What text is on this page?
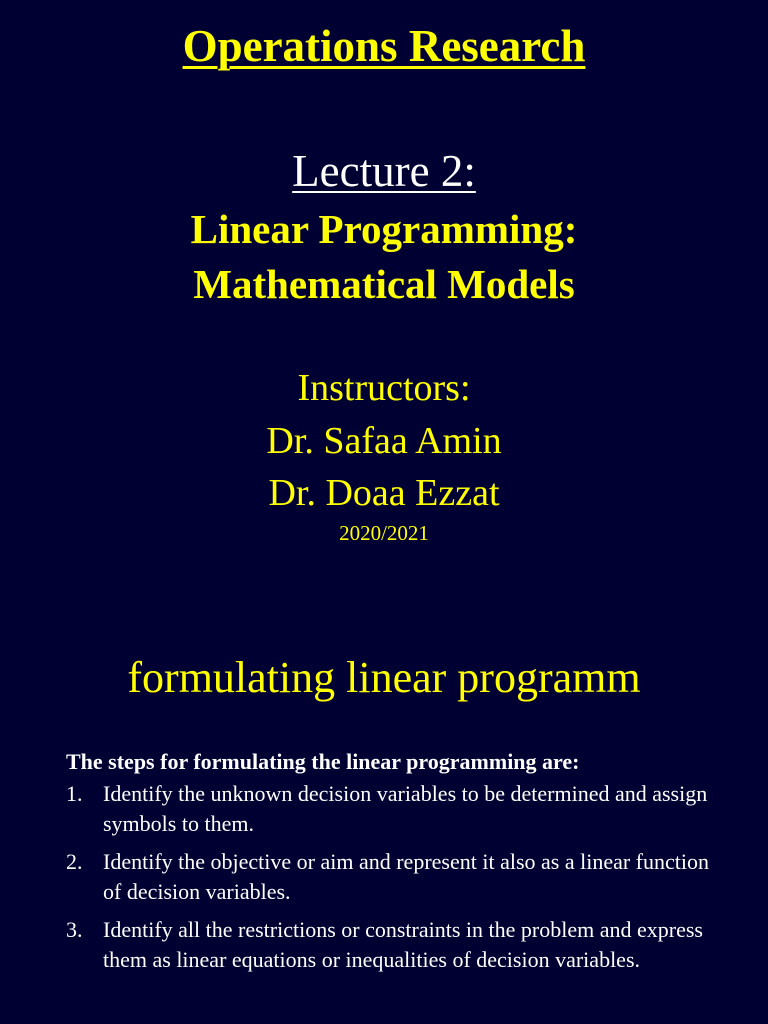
Operations Research
Lecture 2:
Linear Programming:
Mathematical Models
Instructors:
Dr. Safaa Amin
Dr. Doaa Ezzat
2020/2021
formulating linear programm
The steps for formulating the linear programming are:
1. Identify the unknown decision variables to be determined and assign symbols to them.
2. Identify the objective or aim and represent it also as a linear function of decision variables.
3. Identify all the restrictions or constraints in the problem and express them as linear equations or inequalities of decision variables.
